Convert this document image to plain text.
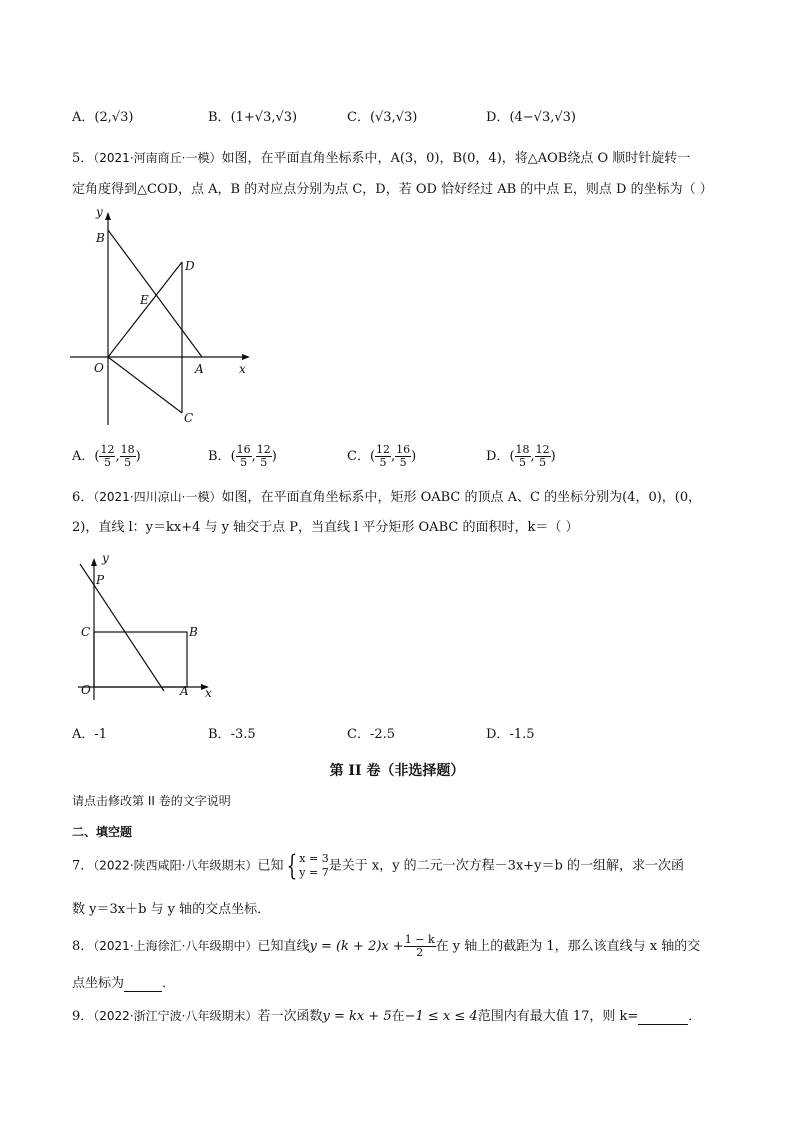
A．(2,√3)	B．(1+√3,√3)	C．(√3,√3)	D．(4−√3,√3)
5．（2021·河南商丘·一模）如图，在平面直角坐标系中，A(3，0)，B(0，4)，将△AOB绕点 O 顺时针旋转一
定角度得到△COD，点 A，B 的对应点分别为点 C，D，若 OD 恰好经过 AB 的中点 E，则点 D 的坐标为（ ）
y
B
D
E
O	A	x
C
A．( $\frac{12}{5}$ , $\frac{18}{5}$ )	B．( $\frac{16}{5}$ , $\frac{12}{5}$ )	C．( $\frac{12}{5}$ , $\frac{16}{5}$ )	D．( $\frac{18}{5}$ , $\frac{12}{5}$ )
6．（2021·四川凉山·一模）如图，在平面直角坐标系中，矩形 OABC 的顶点 A、C 的坐标分别为(4，0)，(0，
2)，直线 l：y＝kx+4 与 y 轴交于点 P，当直线 l 平分矩形 OABC 的面积时，k＝（ ）
y
P
C	B
O	A x
A．-1	B．-3.5	C．-2.5	D．-1.5
第 II 卷（非选择题）
请点击修改第 II 卷的文字说明
二、填空题
7．（2022·陕西咸阳·八年级期末）已知 { x = 3
y = 7 是关于 x，y 的二元一次方程－3x+y＝b 的一组解，求一次函
数 y＝3x＋b 与 y 轴的交点坐标．
8．（2021·上海徐汇·八年级期中）已知直线$y = (k + 2)x + \frac{1 - k}{2}$ 在 y 轴上的截距为 1，那么该直线与 x 轴的交
点坐标为	．
9．（2022·浙江宁波·八年级期末）若一次函数y = kx + 5在−1 ≤ x ≤ 4范围内有最大值 17，则 k=	．
